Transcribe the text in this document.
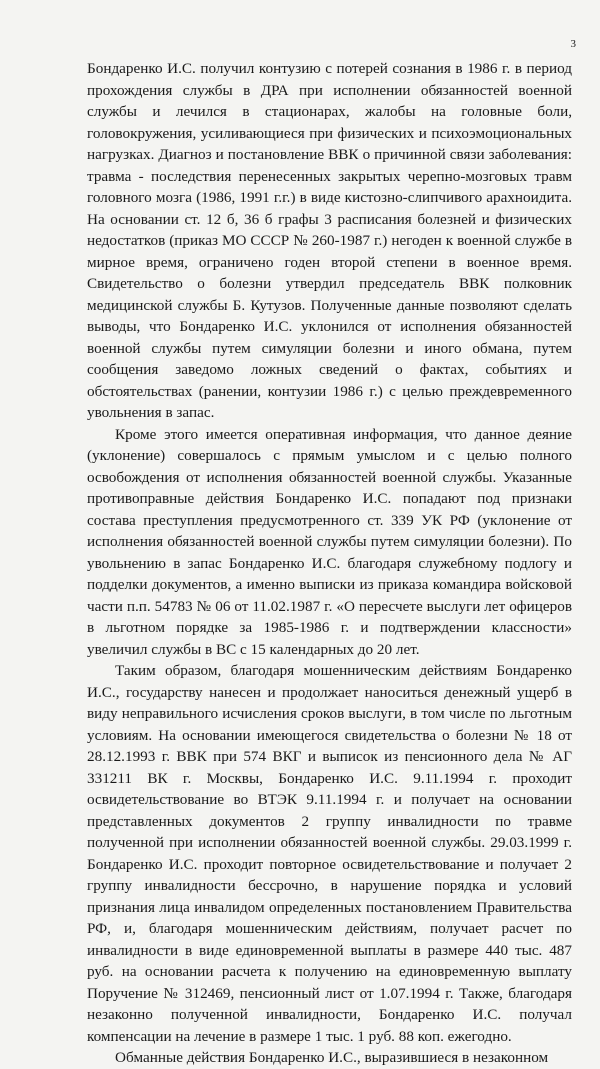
3

Бондаренко И.С. получил контузию с потерей сознания в 1986 г. в период прохождения службы в ДРА при исполнении обязанностей военной службы и лечился в стационарах, жалобы на головные боли, головокружения, усиливающиеся при физических и психоэмоциональных нагрузках. Диагноз и постановление ВВК о причинной связи заболевания: травма - последствия перенесенных закрытых черепно-мозговых травм головного мозга (1986, 1991 г.г.) в виде кистозно-слипчивого арахноидита. На основании ст. 12 б, 36 б графы 3 расписания болезней и физических недостатков (приказ МО СССР № 260-1987 г.) негоден к военной службе в мирное время, ограничено годен второй степени в военное время. Свидетельство о болезни утвердил председатель ВВК полковник медицинской службы Б. Кутузов. Полученные данные позволяют сделать выводы, что Бондаренко И.С. уклонился от исполнения обязанностей военной службы путем симуляции болезни и иного обмана, путем сообщения заведомо ложных сведений о фактах, событиях и обстоятельствах (ранении, контузии 1986 г.) с целью преждевременного увольнения в запас.

Кроме этого имеется оперативная информация, что данное деяние (уклонение) совершалось с прямым умыслом и с целью полного освобождения от исполнения обязанностей военной службы. Указанные противоправные действия Бондаренко И.С. попадают под признаки состава преступления предусмотренного ст. 339 УК РФ (уклонение от исполнения обязанностей военной службы путем симуляции болезни). По увольнению в запас Бондаренко И.С. благодаря служебному подлогу и подделки документов, а именно выписки из приказа командира войсковой части п.п. 54783 № 06 от 11.02.1987 г. «О пересчете выслуги лет офицеров в льготном порядке за 1985-1986 г. и подтверждении классности» увеличил службы в ВС с 15 календарных до 20 лет.

Таким образом, благодаря мошенническим действиям Бондаренко И.С., государству нанесен и продолжает наноситься денежный ущерб в виду неправильного исчисления сроков выслуги, в том числе по льготным условиям. На основании имеющегося свидетельства о болезни № 18 от 28.12.1993 г. ВВК при 574 ВКГ и выписок из пенсионного дела № АГ 331211 ВК г. Москвы, Бондаренко И.С. 9.11.1994 г. проходит освидетельствование во ВТЭК 9.11.1994 г. и получает на основании представленных документов 2 группу инвалидности по травме полученной при исполнении обязанностей военной службы. 29.03.1999 г. Бондаренко И.С. проходит повторное освидетельствование и получает 2 группу инвалидности бессрочно, в нарушение порядка и условий признания лица инвалидом определенных постановлением Правительства РФ, и, благодаря мошенническим действиям, получает расчет по инвалидности в виде единовременной выплаты в размере 440 тыс. 487 руб. на основании расчета к получению на единовременную выплату Поручение № 312469, пенсионный лист от 1.07.1994 г. Также, благодаря незаконно полученной инвалидности, Бондаренко И.С. получал компенсации на лечение в размере 1 тыс. 1 руб. 88 коп. ежегодно.

Обманные действия Бондаренко И.С., выразившиеся в незаконном
